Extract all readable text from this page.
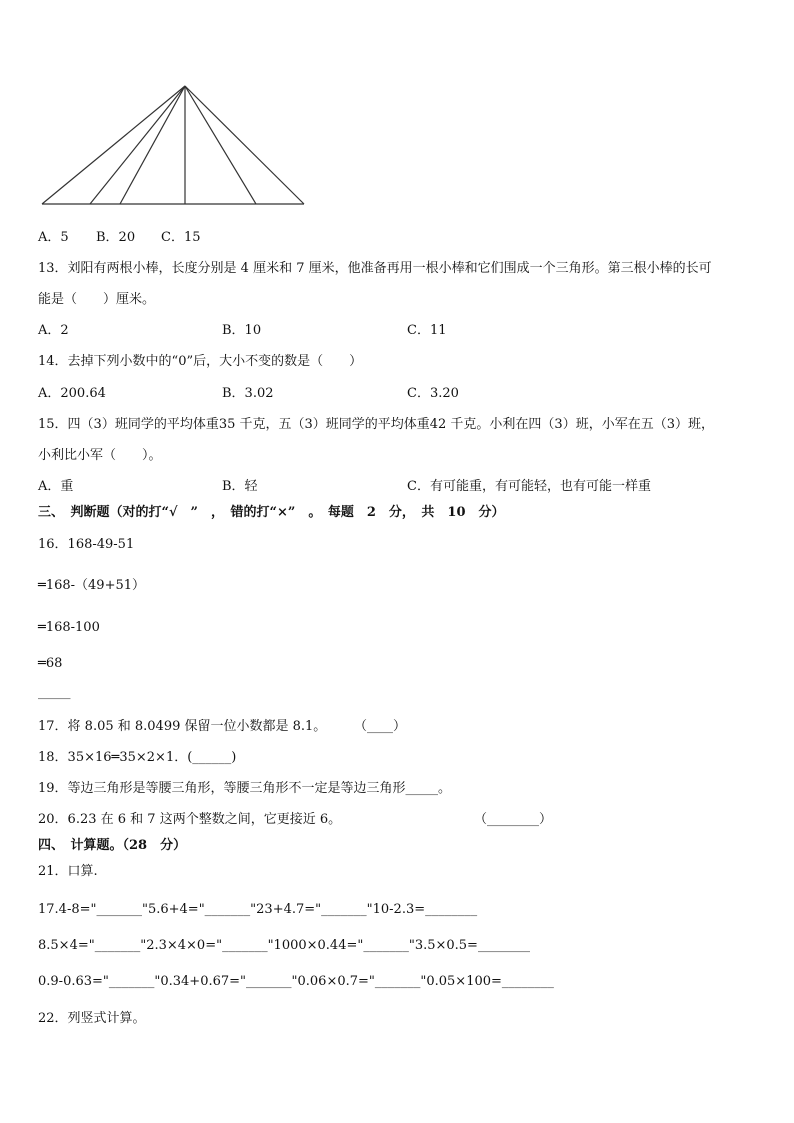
A．5 B．20 C．15
13．刘阳有两根小棒，长度分别是 4 厘米和 7 厘米，他准备再用一根小棒和它们围成一个三角形。第三根小棒的长可
能是（　　）厘米。
A．2	B．10	C．11
14．去掉下列小数中的“0”后，大小不变的数是（　　）
A．200.64	B．3.02	C．3.20
15．四（3）班同学的平均体重35 千克，五（3）班同学的平均体重42 千克。小利在四（3）班，小军在五（3）班，
小利比小军（　　）。
A．重	B．轻	C．有可能重，有可能轻，也有可能一样重
三、　判断题（对的打“√　”　，　错的打“×”　。　每题　2　分，　共　10　分）
16．168-49-51
═168-（49+51）
═168-100
═68
_____
17．将 8.05 和 8.0499 保留一位小数都是 8.1。 （____）
18．35×16═35×2×1．(______)
19．等边三角形是等腰三角形，等腰三角形不一定是等边三角形_____。
20．6.23 在 6 和 7 这两个整数之间，它更接近 6。	（________）
四、　计算题。（28　分）
21．口算.
17.4-8="_______"5.6+4="_______"23+4.7="_______"10-2.3=________
8.5×4="_______"2.3×4×0="_______"1000×0.44="_______"3.5×0.5=________
0.9-0.63="_______"0.34+0.67="_______"0.06×0.7="_______"0.05×100=________
22．列竖式计算。
